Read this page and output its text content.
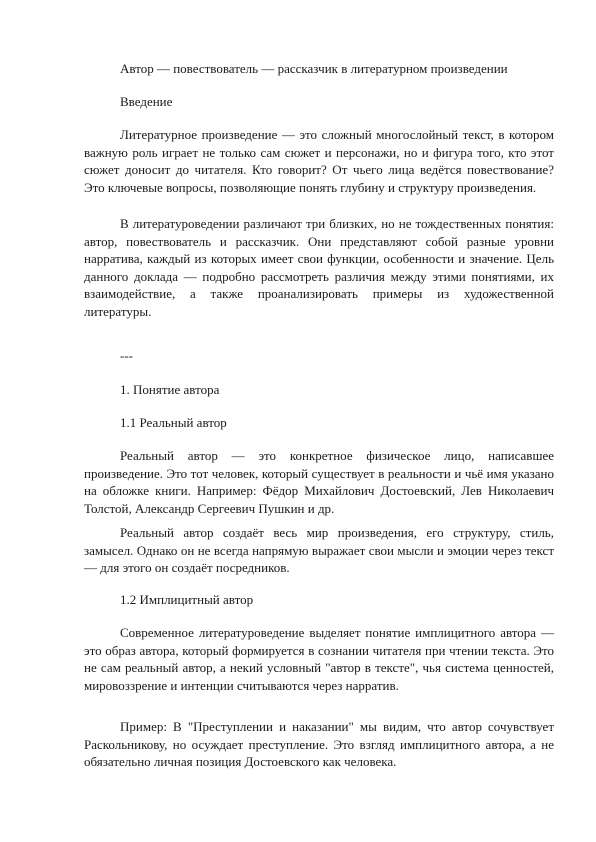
Автор — повествователь — рассказчик в литературном произведении
Введение

Литературное произведение — это сложный многослойный текст, в котором важную роль играет не только сам сюжет и персонажи, но и фигура того, кто этот сюжет доносит до читателя. Кто говорит? От чьего лица ведётся повествование? Это ключевые вопросы, позволяющие понять глубину и структуру произведения.

В литературоведении различают три близких, но не тождественных понятия: автор, повествователь и рассказчик. Они представляют собой разные уровни нарратива, каждый из которых имеет свои функции, особенности и значение. Цель данного доклада — подробно рассмотреть различия между этими понятиями, их взаимодействие, а также проанализировать примеры из художественной литературы.

---
1. Понятие автора
1.1 Реальный автор

Реальный автор — это конкретное физическое лицо, написавшее произведение. Это тот человек, который существует в реальности и чьё имя указано на обложке книги. Например: Фёдор Михайлович Достоевский, Лев Николаевич Толстой, Александр Сергеевич Пушкин и др.

Реальный автор создаёт весь мир произведения, его структуру, стиль, замысел. Однако он не всегда напрямую выражает свои мысли и эмоции через текст — для этого он создаёт посредников.

1.2 Имплицитный автор

Современное литературоведение выделяет понятие имплицитного автора — это образ автора, который формируется в сознании читателя при чтении текста. Это не сам реальный автор, а некий условный "автор в тексте", чья система ценностей, мировоззрение и интенции считываются через нарратив.

Пример: В "Преступлении и наказании" мы видим, что автор сочувствует Раскольникову, но осуждает преступление. Это взгляд имплицитного автора, а не обязательно личная позиция Достоевского как человека.
